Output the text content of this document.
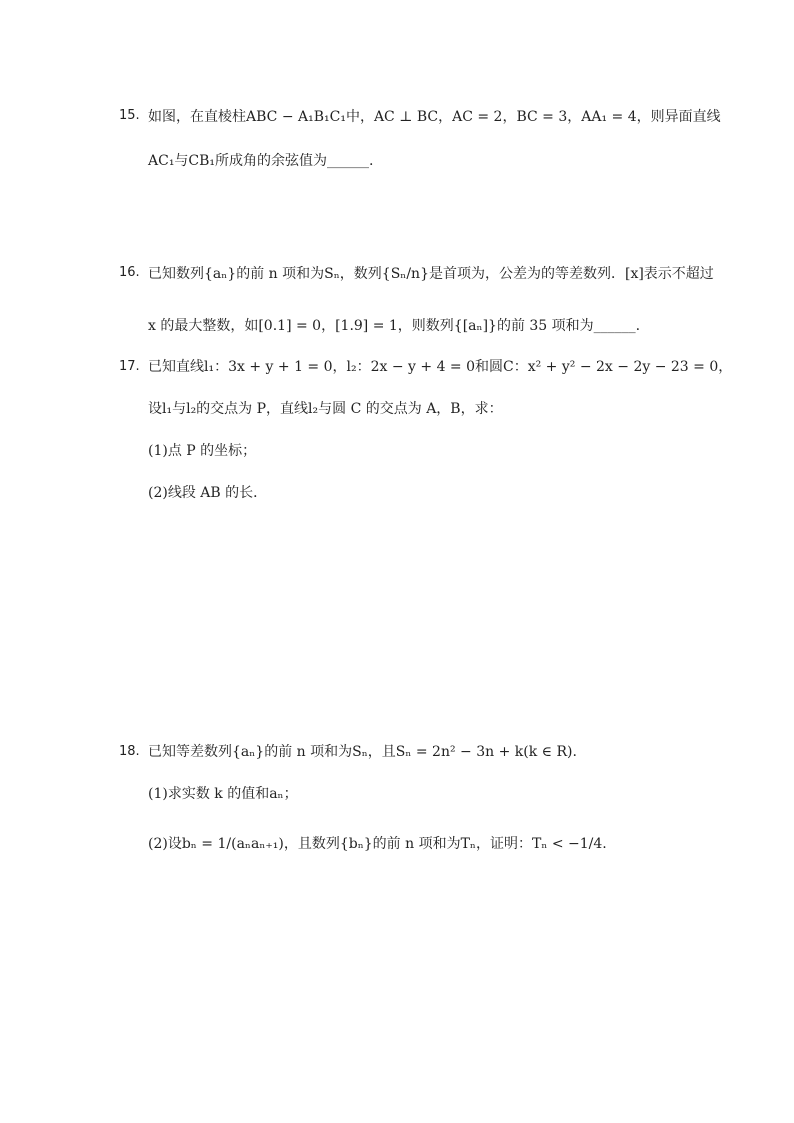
15. 如图，在直棱柱ABC − A₁B₁C₁中，AC ⊥ BC，AC = 2，BC = 3，AA₁ = 4，则异面直线
AC₁与CB₁所成角的余弦值为______.
16. 已知数列{aₙ}的前 n 项和为Sₙ，数列{Sₙ/n}是首项为，公差为的等差数列．[x]表示不超过
x 的最大整数，如[0.1] = 0，[1.9] = 1，则数列{[aₙ]}的前 35 项和为______.
17. 已知直线l₁：3x + y + 1 = 0，l₂：2x − y + 4 = 0和圆C：x² + y² − 2x − 2y − 23 = 0，
设l₁与l₂的交点为 P，直线l₂与圆 C 的交点为 A，B，求：
(1)点 P 的坐标；
(2)线段 AB 的长．
18. 已知等差数列{aₙ}的前 n 项和为Sₙ，且Sₙ = 2n² − 3n + k(k ∈ R).
(1)求实数 k 的值和aₙ；
(2)设bₙ = 1/(aₙaₙ₊₁)，且数列{bₙ}的前 n 项和为Tₙ，证明：Tₙ < −1/4.
